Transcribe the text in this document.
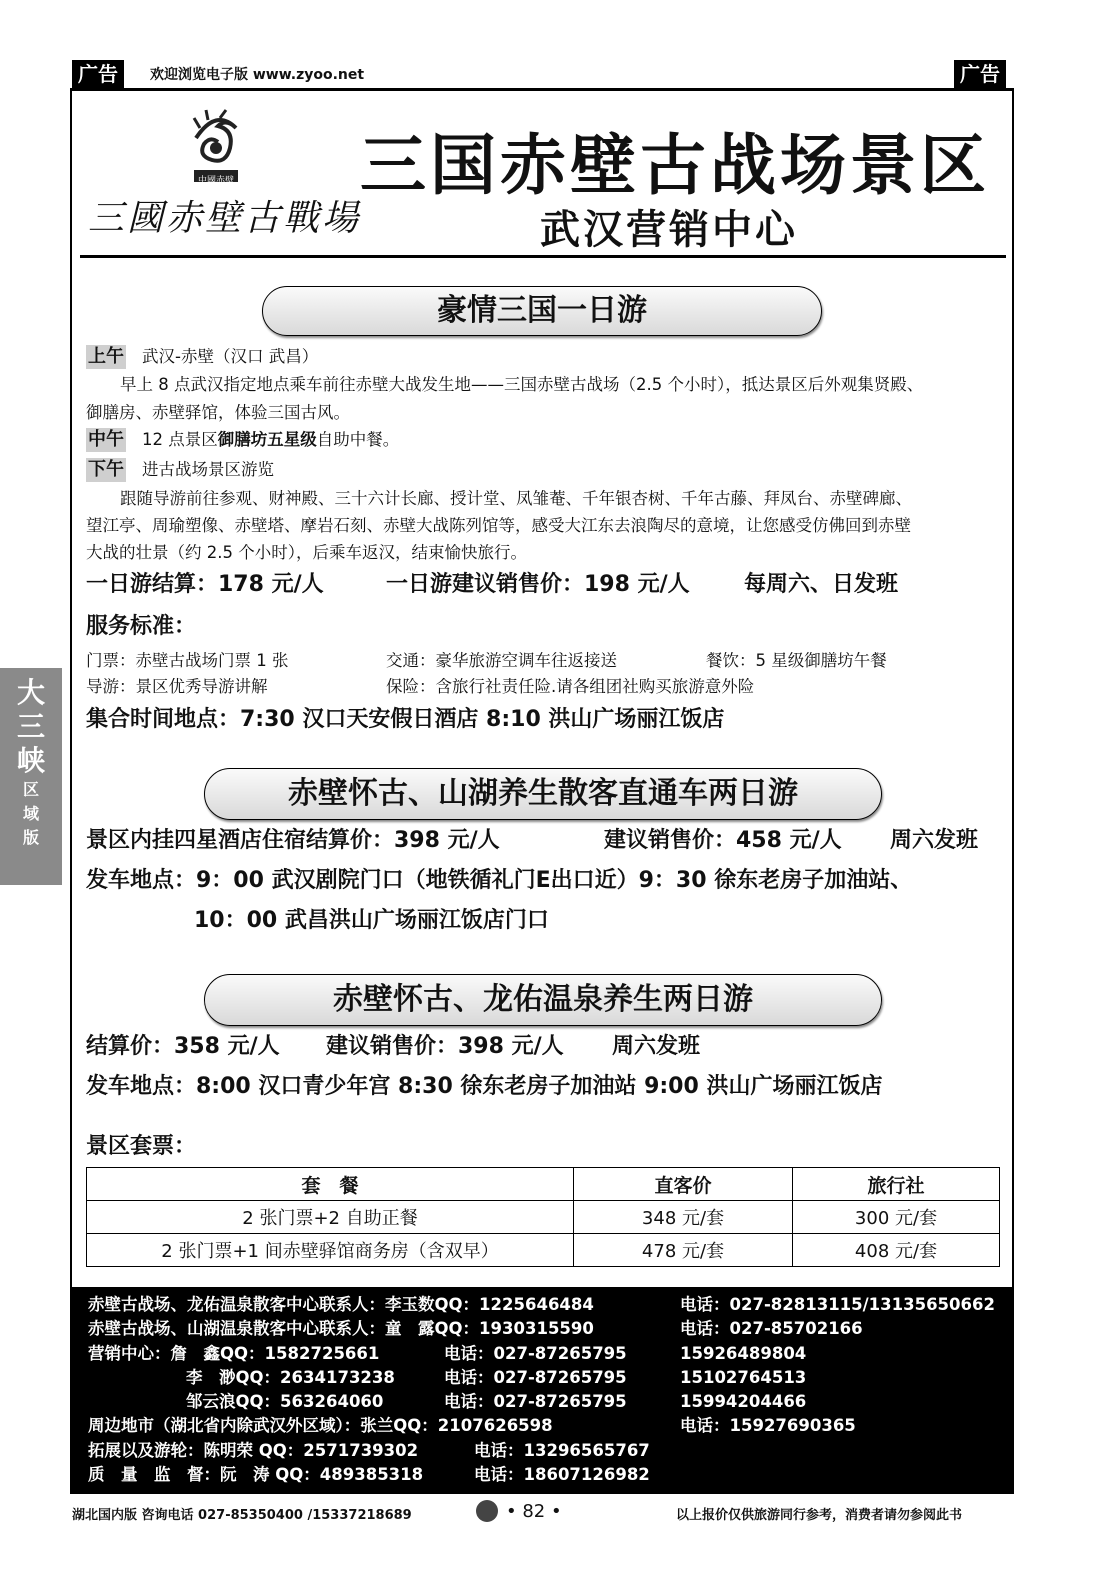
广告	欢迎浏览电子版 www.zyoo.net	广告
中國赤壁
三國赤壁古戰場
三国赤壁古战场景区
武汉营销中心
豪情三国一日游
上午 武汉-赤壁（汉口 武昌）
早上 8 点武汉指定地点乘车前往赤壁大战发生地——三国赤壁古战场（2.5 个小时），抵达景区后外观集贤殿、
御膳房、赤壁驿馆，体验三国古风。
中午 12 点景区御膳坊五星级自助中餐。
下午 进古战场景区游览
跟随导游前往参观、财神殿、三十六计长廊、授计堂、凤雏菴、千年银杏树、千年古藤、拜凤台、赤壁碑廊、
望江亭、周瑜塑像、赤壁塔、摩岩石刻、赤壁大战陈列馆等，感受大江东去浪陶尽的意境，让您感受仿佛回到赤壁
大战的壮景（约 2.5 个小时），后乘车返汉，结束愉快旅行。
一日游结算：178 元/人	一日游建议销售价：198 元/人 每周六、日发班
服务标准：
门票：赤壁古战场门票 1 张	交通：豪华旅游空调车往返接送	餐饮：5 星级御膳坊午餐
导游：景区优秀导游讲解	保险：含旅行社责任险.请各组团社购买旅游意外险
集合时间地点：7:30 汉口天安假日酒店 8:10 洪山广场丽江饭店
赤壁怀古、山湖养生散客直通车两日游
景区内挂四星酒店住宿结算价：398 元/人	建议销售价：458 元/人 周六发班
发车地点：9：00 武汉剧院门口（地铁循礼门E出口近）9：30 徐东老房子加油站、
10：00 武昌洪山广场丽江饭店门口
赤壁怀古、龙佑温泉养生两日游
结算价：358 元/人 建议销售价：398 元/人 周六发班
发车地点：8:00 汉口青少年宫 8:30 徐东老房子加油站 9:00 洪山广场丽江饭店
景区套票：
套　餐	直客价	旅行社
2 张门票+2 自助正餐	348 元/套	300 元/套
2 张门票+1 间赤壁驿馆商务房（含双早）	478 元/套	408 元/套
赤壁古战场、龙佑温泉散客中心联系人：李玉数QQ：1225646484	电话：027-82813115/13135650662
赤壁古战场、山湖温泉散客中心联系人：童　露QQ：1930315590	电话：027-85702166
营销中心：詹　鑫QQ：1582725661	电话：027-87265795	15926489804
李　渺QQ：2634173238	电话：027-87265795	15102764513
邹云浪QQ：563264060	电话：027-87265795	15994204466
周边地市（湖北省内除武汉外区域）：张兰QQ：2107626598	电话：15927690365
拓展以及游轮：陈明荣 QQ：2571739302	电话：13296565767
质　量　监　督：阮　涛 QQ：489385318	电话：18607126982
大三峡
区
域
版
湖北国内版 咨询电话 027-85350400 /15337218689	• 82 •	以上报价仅供旅游同行参考，消费者请勿参阅此书
